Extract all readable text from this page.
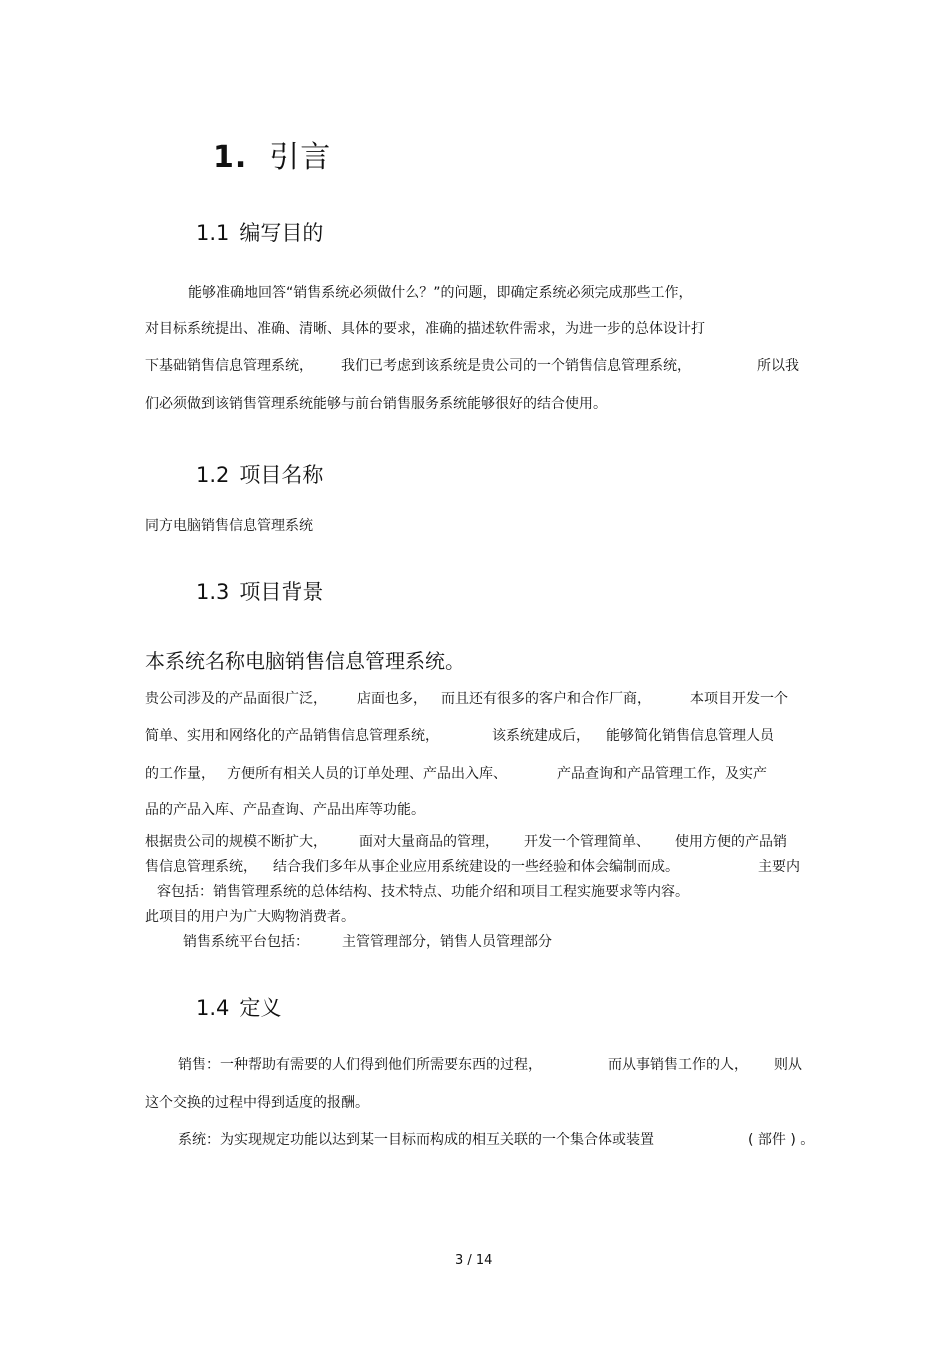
1. 引言
1.1 编写目的
能够准确地回答“销售系统必须做什么？”的问题，即确定系统必须完成那些工作，
对目标系统提出、准确、清晰、具体的要求，准确的描述软件需求，为进一步的总体设计打
下基础销售信息管理系统， 我们已考虑到该系统是贵公司的一个销售信息管理系统，	所以我
们必须做到该销售管理系统能够与前台销售服务系统能够很好的结合使用。
1.2 项目名称
同方电脑销售信息管理系统
1.3 项目背景
本系统名称电脑销售信息管理系统。
贵公司涉及的产品面很广泛， 店面也多， 而且还有很多的客户和合作厂商，	本项目开发一个
简单、实用和网络化的产品销售信息管理系统，	该系统建成后， 能够简化销售信息管理人员
的工作量， 方便所有相关人员的订单处理、产品出入库、	产品查询和产品管理工作，及实产
品的产品入库、产品查询、产品出库等功能。
根据贵公司的规模不断扩大， 面对大量商品的管理， 开发一个管理简单、 使用方便的产品销
售信息管理系统， 结合我们多年从事企业应用系统建设的一些经验和体会编制而成。	主要内
容包括：销售管理系统的总体结构、技术特点、功能介绍和项目工程实施要求等内容。
此项目的用户为广大购物消费者。
销售系统平台包括： 主管管理部分，销售人员管理部分
1.4 定义
销售：一种帮助有需要的人们得到他们所需要东西的过程，	而从事销售工作的人， 则从
这个交换的过程中得到适度的报酬。
系统：为实现规定功能以达到某一目标而构成的相互关联的一个集合体或装置	( 部件 ) 。
3 / 14
